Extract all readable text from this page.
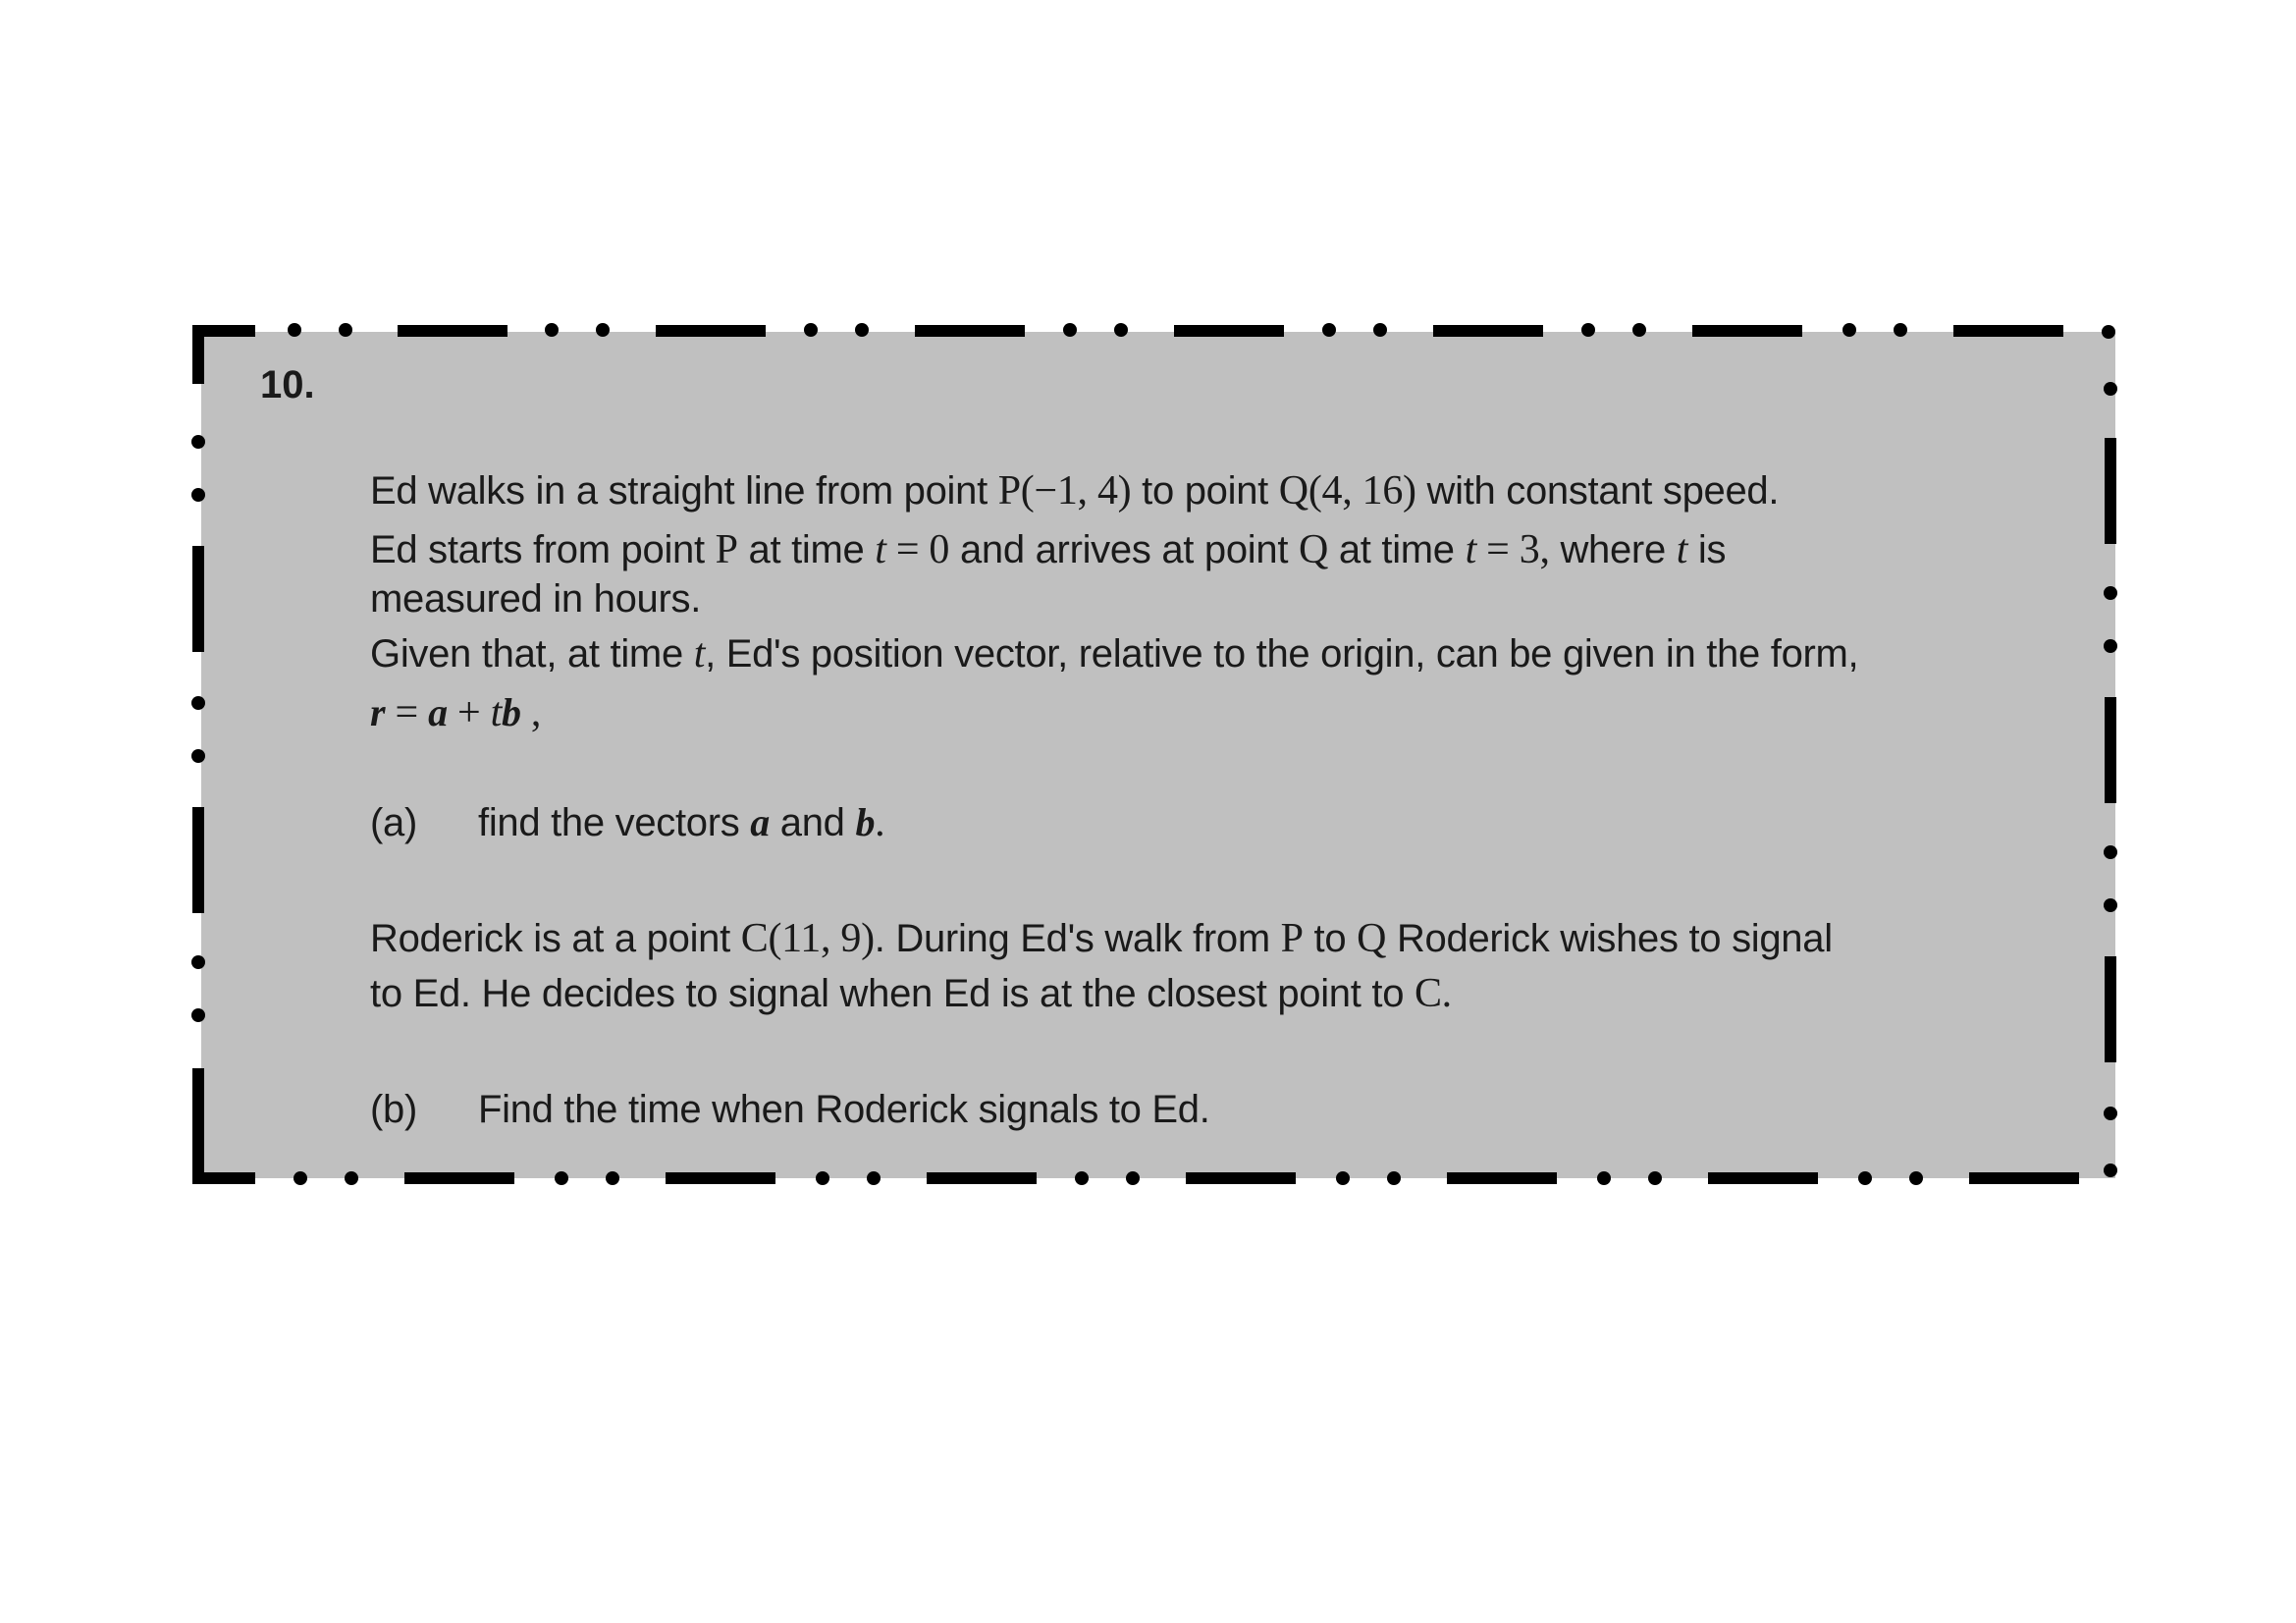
10.
Ed walks in a straight line from point P(−1, 4) to point Q(4, 16) with constant speed.
Ed starts from point P at time t = 0 and arrives at point Q at time t = 3, where t is
measured in hours.
Given that, at time t, Ed's position vector, relative to the origin, can be given in the form,
r = a + tb ,
(a) find the vectors a and b.
Roderick is at a point C(11, 9). During Ed's walk from P to Q Roderick wishes to signal
to Ed. He decides to signal when Ed is at the closest point to C.
(b) Find the time when Roderick signals to Ed.
